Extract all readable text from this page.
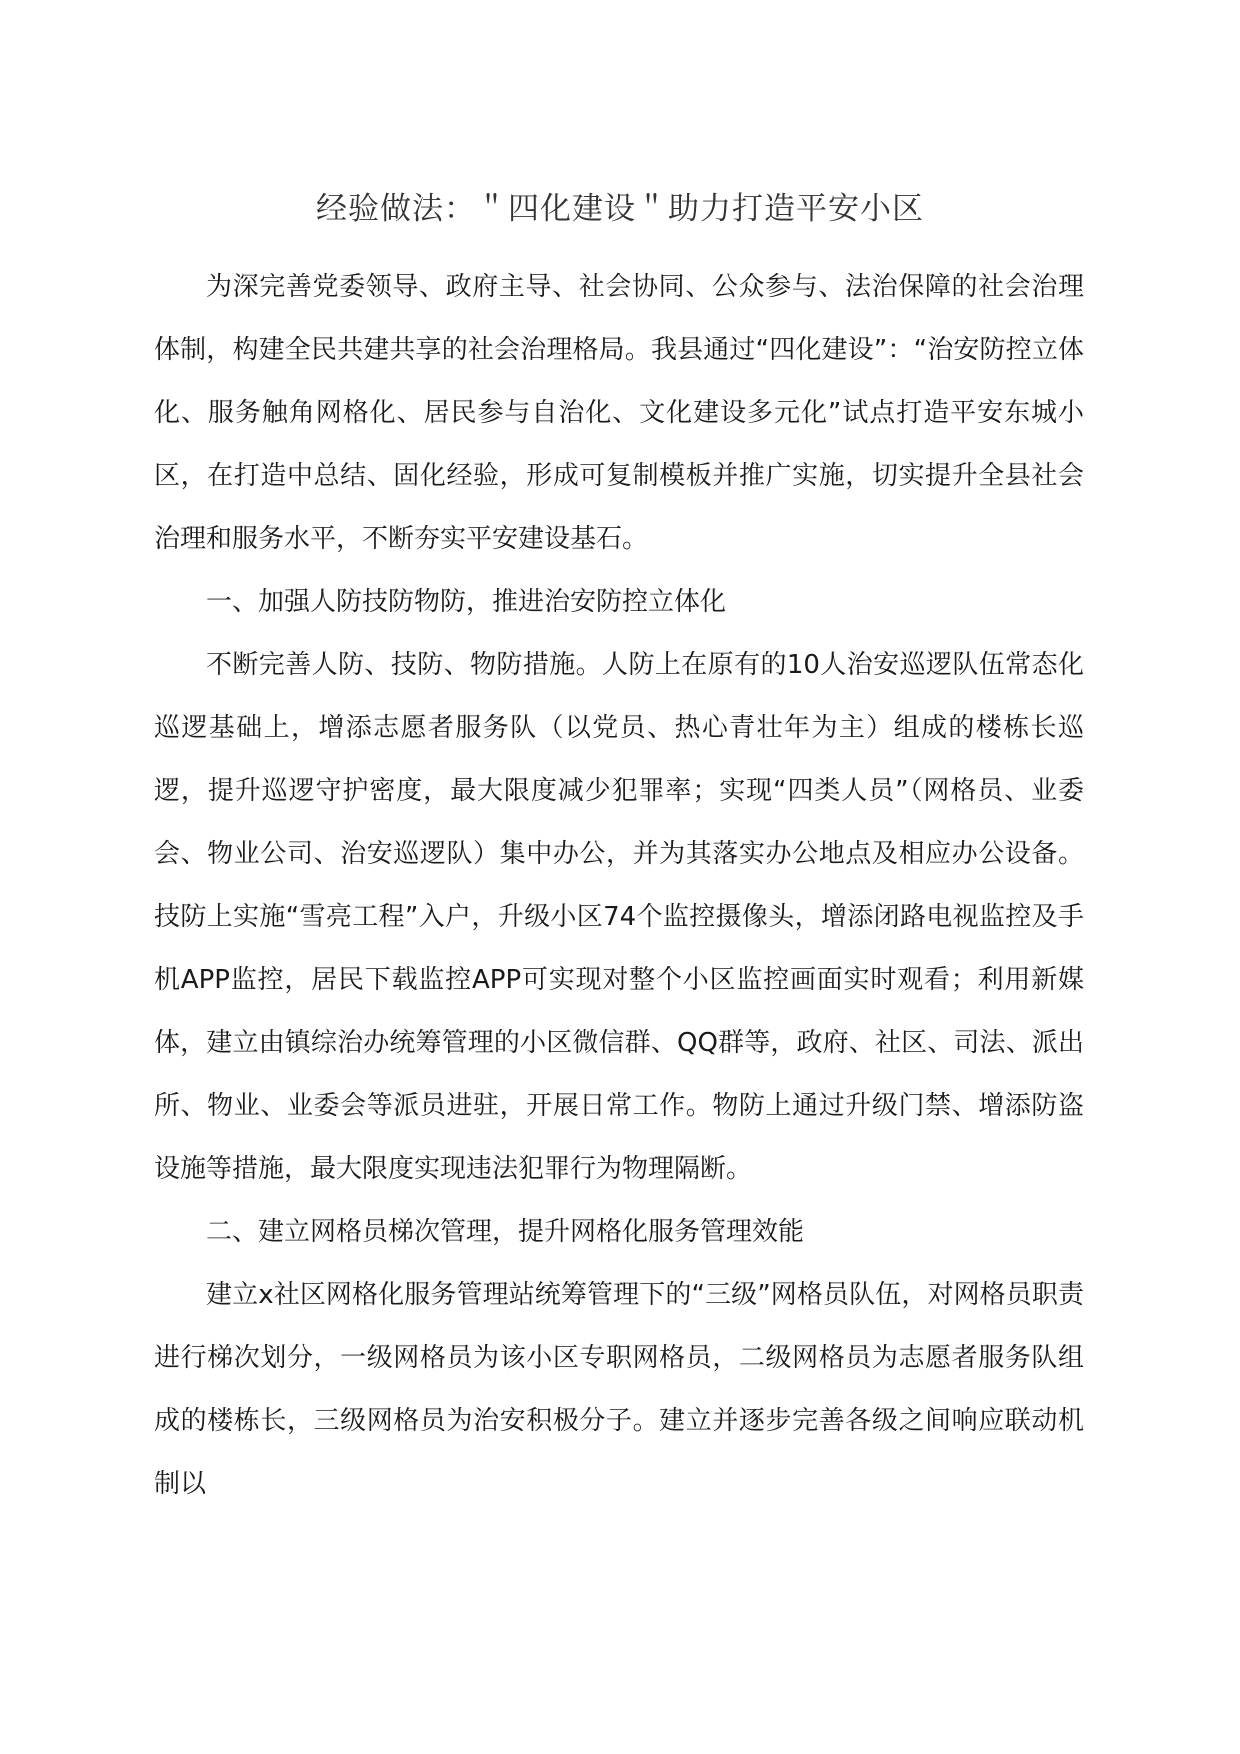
经验做法：＂四化建设＂助力打造平安小区

为深完善党委领导、政府主导、社会协同、公众参与、法治保障的社会治理体制，构建全民共建共享的社会治理格局。我县通过“四化建设”：“治安防控立体化、服务触角网格化、居民参与自治化、文化建设多元化”试点打造平安东城小区，在打造中总结、固化经验，形成可复制模板并推广实施，切实提升全县社会治理和服务水平，不断夯实平安建设基石。

一、加强人防技防物防，推进治安防控立体化

不断完善人防、技防、物防措施。人防上在原有的10人治安巡逻队伍常态化巡逻基础上，增添志愿者服务队（以党员、热心青壮年为主）组成的楼栋长巡逻，提升巡逻守护密度，最大限度减少犯罪率；实现“四类人员”（网格员、业委会、物业公司、治安巡逻队）集中办公，并为其落实办公地点及相应办公设备。技防上实施“雪亮工程”入户，升级小区74个监控摄像头，增添闭路电视监控及手机APP监控，居民下载监控APP可实现对整个小区监控画面实时观看；利用新媒体，建立由镇综治办统筹管理的小区微信群、QQ群等，政府、社区、司法、派出所、物业、业委会等派员进驻，开展日常工作。物防上通过升级门禁、增添防盗设施等措施，最大限度实现违法犯罪行为物理隔断。

二、建立网格员梯次管理，提升网格化服务管理效能

建立x社区网格化服务管理站统筹管理下的“三级”网格员队伍，对网格员职责进行梯次划分，一级网格员为该小区专职网格员，二级网格员为志愿者服务队组成的楼栋长，三级网格员为治安积极分子。建立并逐步完善各级之间响应联动机制以
